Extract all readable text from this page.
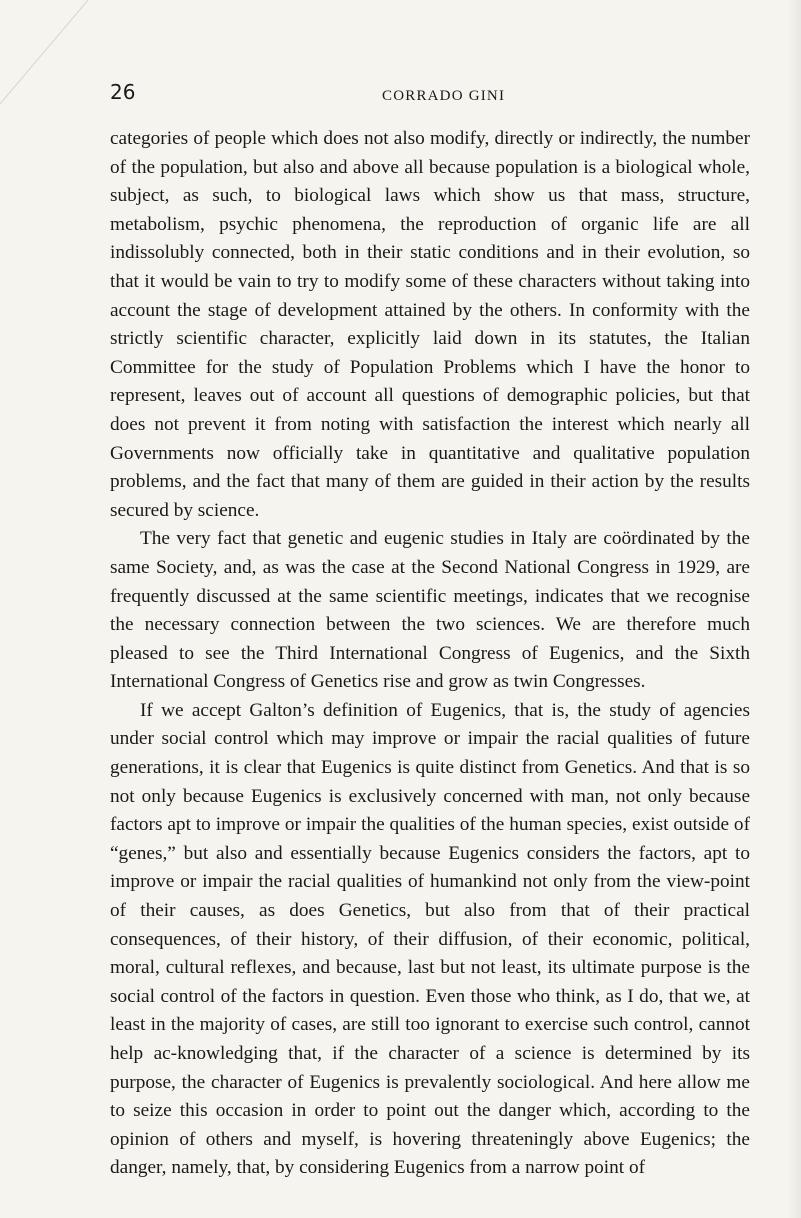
26	CORRADO GINI

categories of people which does not also modify, directly or indirectly, the number of the population, but also and above all because population is a biological whole, subject, as such, to biological laws which show us that mass, structure, metabolism, psychic phenomena, the reproduction of organic life are all indissolubly connected, both in their static conditions and in their evolution, so that it would be vain to try to modify some of these characters without taking into account the stage of development attained by the others. In conformity with the strictly scientific character, explicitly laid down in its statutes, the Italian Committee for the study of Population Problems which I have the honor to represent, leaves out of account all questions of demographic policies, but that does not prevent it from noting with satisfaction the interest which nearly all Governments now officially take in quantitative and qualitative population problems, and the fact that many of them are guided in their action by the results secured by science.

The very fact that genetic and eugenic studies in Italy are coördinated by the same Society, and, as was the case at the Second National Congress in 1929, are frequently discussed at the same scientific meetings, indicates that we recognise the necessary connection between the two sciences. We are therefore much pleased to see the Third International Congress of Eugenics, and the Sixth International Congress of Genetics rise and grow as twin Congresses.

If we accept Galton’s definition of Eugenics, that is, the study of agencies under social control which may improve or impair the racial qualities of future generations, it is clear that Eugenics is quite distinct from Genetics. And that is so not only because Eugenics is exclusively concerned with man, not only because factors apt to improve or impair the qualities of the human species, exist outside of “genes,” but also and essentially because Eugenics considers the factors, apt to improve or impair the racial qualities of humankind not only from the view-point of their causes, as does Genetics, but also from that of their practical consequences, of their history, of their diffusion, of their economic, political, moral, cultural reflexes, and because, last but not least, its ultimate purpose is the social control of the factors in question. Even those who think, as I do, that we, at least in the majority of cases, are still too ignorant to exercise such control, cannot help ac-knowledging that, if the character of a science is determined by its purpose, the character of Eugenics is prevalently sociological. And here allow me to seize this occasion in order to point out the danger which, according to the opinion of others and myself, is hovering threateningly above Eugenics; the danger, namely, that, by considering Eugenics from a narrow point of
